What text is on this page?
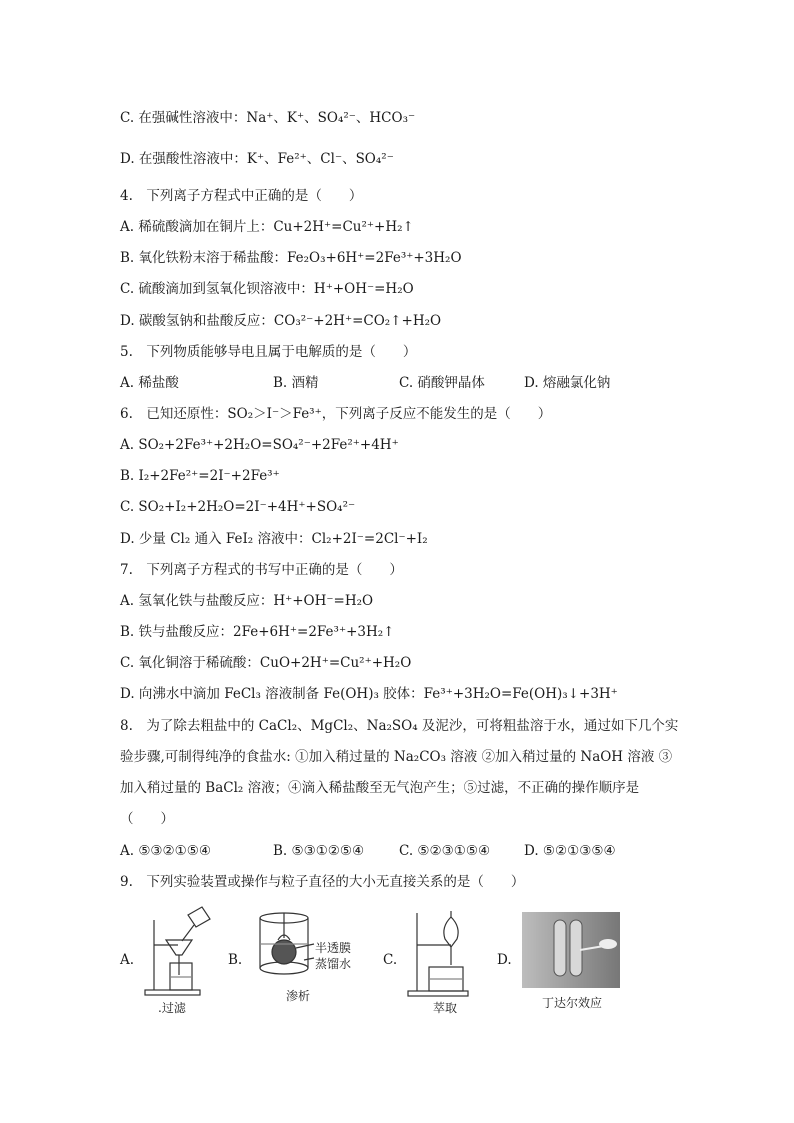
C. 在强碱性溶液中：Na⁺、K⁺、SO₄²⁻、HCO₃⁻
D. 在强酸性溶液中：K⁺、Fe²⁺、Cl⁻、SO₄²⁻
4.　下列离子方程式中正确的是（　　）
A. 稀硫酸滴加在铜片上：Cu+2H⁺=Cu²⁺+H₂↑
B. 氧化铁粉末溶于稀盐酸：Fe₂O₃+6H⁺=2Fe³⁺+3H₂O
C. 硫酸滴加到氢氧化钡溶液中：H⁺+OH⁻=H₂O
D. 碳酸氢钠和盐酸反应：CO₃²⁻+2H⁺=CO₂↑+H₂O
5.　下列物质能够导电且属于电解质的是（　　）
A. 稀盐酸	B. 酒精	C. 硝酸钾晶体	D. 熔融氯化钠
6.　已知还原性：SO₂＞I⁻＞Fe³⁺，下列离子反应不能发生的是（　　）
A. SO₂+2Fe³⁺+2H₂O=SO₄²⁻+2Fe²⁺+4H⁺
B. I₂+2Fe²⁺=2I⁻+2Fe³⁺
C. SO₂+I₂+2H₂O=2I⁻+4H⁺+SO₄²⁻
D. 少量 Cl₂ 通入 FeI₂ 溶液中：Cl₂+2I⁻=2Cl⁻+I₂
7.　下列离子方程式的书写中正确的是（　　）
A. 氢氧化铁与盐酸反应：H⁺+OH⁻=H₂O
B. 铁与盐酸反应：2Fe+6H⁺=2Fe³⁺+3H₂↑
C. 氧化铜溶于稀硫酸：CuO+2H⁺=Cu²⁺+H₂O
D. 向沸水中滴加 FeCl₃ 溶液制备 Fe(OH)₃ 胶体：Fe³⁺+3H₂O=Fe(OH)₃↓+3H⁺
8.　为了除去粗盐中的 CaCl₂、MgCl₂、Na₂SO₄ 及泥沙，可将粗盐溶于水，通过如下几个实
验步骤,可制得纯净的食盐水: ①加入稍过量的 Na₂CO₃ 溶液 ②加入稍过量的 NaOH 溶液 ③
加入稍过量的 BaCl₂ 溶液；④滴入稀盐酸至无气泡产生；⑤过滤，不正确的操作顺序是
（　　）
A. ⑤③②①⑤④	B. ⑤③①②⑤④	C. ⑤②③①⑤④	D. ⑤②①③⑤④
9.　下列实验装置或操作与粒子直径的大小无直接关系的是（　　）
A.	B.	C.	D.
.过滤
半透膜
蒸馏水
渗析
萃取	丁达尔效应
